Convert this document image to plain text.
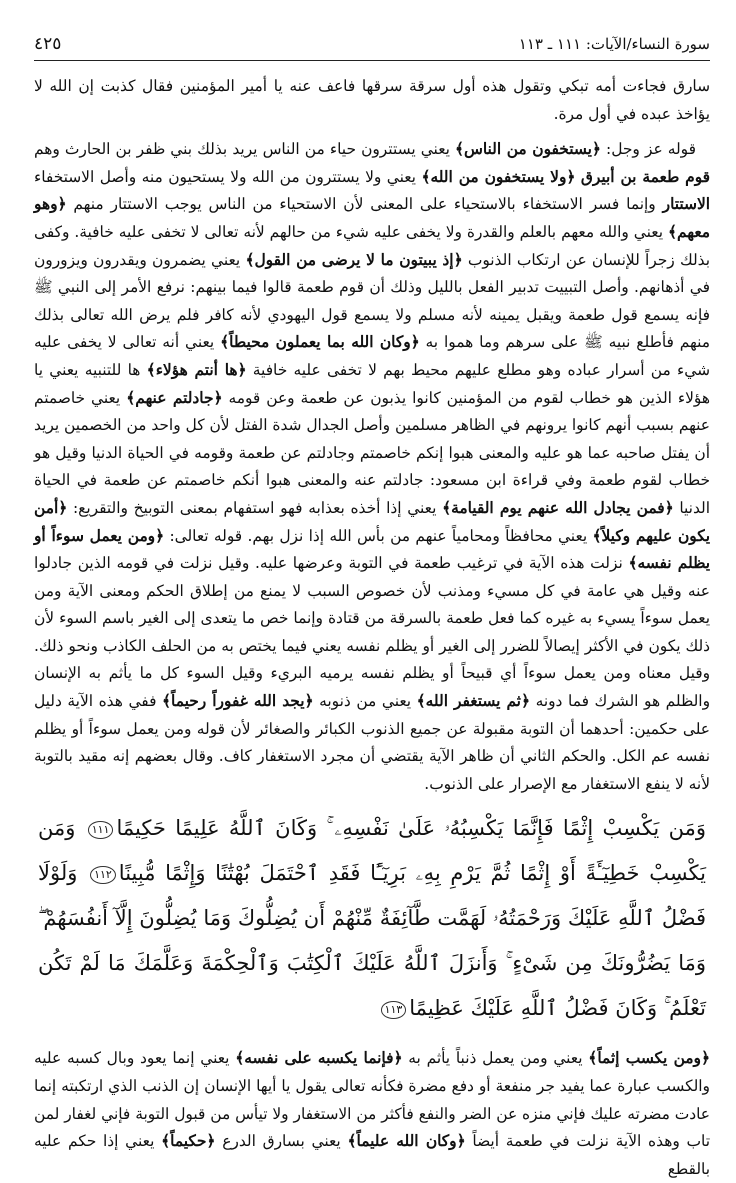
سورة النساء/الآيات: ١١١ ـ ١١٣
٤٢٥

سارق فجاءت أمه تبكي وتقول هذه أول سرقة سرقها فاعف عنه يا أمير المؤمنين فقال كذبت إن الله لا يؤاخذ عبده في أول مرة.

قوله عز وجل: ﴿يستخفون من الناس﴾ يعني يستترون حياء من الناس يريد بذلك بني ظفر بن الحارث وهم قوم طعمة بن أبيرق ﴿ولا يستخفون من الله﴾ يعني ولا يستترون من الله ولا يستحيون منه وأصل الاستخفاء الاستتار وإنما فسر الاستخفاء بالاستحياء على المعنى لأن الاستحياء من الناس يوجب الاستتار منهم ﴿وهو معهم﴾ يعني والله معهم بالعلم والقدرة ولا يخفى عليه شيء من حالهم لأنه تعالى لا تخفى عليه خافية. وكفى بذلك زجراً للإنسان عن ارتكاب الذنوب ﴿إذ يبيتون ما لا يرضى من القول﴾ يعني يضمرون ويقدرون ويزورون في أذهانهم. وأصل التبييت تدبير الفعل بالليل وذلك أن قوم طعمة قالوا فيما بينهم: نرفع الأمر إلى النبي ﷺ فإنه يسمع قول طعمة ويقبل يمينه لأنه مسلم ولا يسمع قول اليهودي لأنه كافر فلم يرض الله تعالى بذلك منهم فأطلع نبيه ﷺ على سرهم وما هموا به ﴿وكان الله بما يعملون محيطاً﴾ يعني أنه تعالى لا يخفى عليه شيء من أسرار عباده وهو مطلع عليهم محيط بهم لا تخفى عليه خافية ﴿ها أنتم هؤلاء﴾ ها للتنبيه يعني يا هؤلاء الذين هو خطاب لقوم من المؤمنين كانوا يذبون عن طعمة وعن قومه ﴿جادلتم عنهم﴾ يعني خاصمتم عنهم بسبب أنهم كانوا يرونهم في الظاهر مسلمين وأصل الجدال شدة الفتل لأن كل واحد من الخصمين يريد أن يفتل صاحبه عما هو عليه والمعنى هبوا إنكم خاصمتم وجادلتم عن طعمة وقومه في الحياة الدنيا وقيل هو خطاب لقوم طعمة وفي قراءة ابن مسعود: جادلتم عنه والمعنى هبوا أنكم خاصمتم عن طعمة في الحياة الدنيا ﴿فمن يجادل الله عنهم يوم القيامة﴾ يعني إذا أخذه بعذابه فهو استفهام بمعنى التوبيخ والتقريع: ﴿أمن يكون عليهم وكيلاً﴾ يعني محافظاً ومحامياً عنهم من بأس الله إذا نزل بهم. قوله تعالى: ﴿ومن يعمل سوءاً أو يظلم نفسه﴾ نزلت هذه الآية في ترغيب طعمة في التوبة وعرضها عليه. وقيل نزلت في قومه الذين جادلوا عنه وقيل هي عامة في كل مسيء ومذنب لأن خصوص السبب لا يمنع من إطلاق الحكم ومعنى الآية ومن يعمل سوءاً يسيء به غيره كما فعل طعمة بالسرقة من قتادة وإنما خص ما يتعدى إلى الغير باسم السوء لأن ذلك يكون في الأكثر إيصالاً للضرر إلى الغير أو يظلم نفسه يعني فيما يختص به من الحلف الكاذب ونحو ذلك. وقيل معناه ومن يعمل سوءاً أي قبيحاً أو يظلم نفسه يرميه البريء وقيل السوء كل ما يأثم به الإنسان والظلم هو الشرك فما دونه ﴿ثم يستغفر الله﴾ يعني من ذنوبه ﴿يجد الله غفوراً رحيماً﴾ ففي هذه الآية دليل على حكمين: أحدهما أن التوبة مقبولة عن جميع الذنوب الكبائر والصغائر لأن قوله ومن يعمل سوءاً أو يظلم نفسه عم الكل. والحكم الثاني أن ظاهر الآية يقتضي أن مجرد الاستغفار كاف. وقال بعضهم إنه مقيد بالتوبة لأنه لا ينفع الاستغفار مع الإصرار على الذنوب.

وَمَن يَكْسِبْ إِثْمًا فَإِنَّمَا يَكْسِبُهُۥ عَلَىٰ نَفْسِهِۦ ۚ وَكَانَ ٱللَّهُ عَلِيمًا حَكِيمًا١١١ وَمَن يَكْسِبْ خَطِيٓـَٔةً أَوْ إِثْمًا ثُمَّ يَرْمِ بِهِۦ بَرِيٓـًٔا فَقَدِ ٱحْتَمَلَ بُهْتَٰنًا وَإِثْمًا مُّبِينًا١١٢ وَلَوْلَا فَضْلُ ٱللَّهِ عَلَيْكَ وَرَحْمَتُهُۥ لَهَمَّت طَّآئِفَةٌ مِّنْهُمْ أَن يُضِلُّوكَ وَمَا يُضِلُّونَ إِلَّآ أَنفُسَهُمْ ۖ وَمَا يَضُرُّونَكَ مِن شَىْءٍ ۚ وَأَنزَلَ ٱللَّهُ عَلَيْكَ ٱلْكِتَٰبَ وَٱلْحِكْمَةَ وَعَلَّمَكَ مَا لَمْ تَكُن تَعْلَمُ ۚ وَكَانَ فَضْلُ ٱللَّهِ عَلَيْكَ عَظِيمًا١١٣

﴿ومن يكسب إثماً﴾ يعني ومن يعمل ذنباً يأثم به ﴿فإنما يكسبه على نفسه﴾ يعني إنما يعود وبال كسبه عليه والكسب عبارة عما يفيد جر منفعة أو دفع مضرة فكأنه تعالى يقول يا أيها الإنسان إن الذنب الذي ارتكبته إنما عادت مضرته عليك فإني منزه عن الضر والنفع فأكثر من الاستغفار ولا تيأس من قبول التوبة فإني لغفار لمن تاب وهذه الآية نزلت في طعمة أيضاً ﴿وكان الله عليماً﴾ يعني بسارق الدرع ﴿حكيماً﴾ يعني إذا حكم عليه بالقطع
